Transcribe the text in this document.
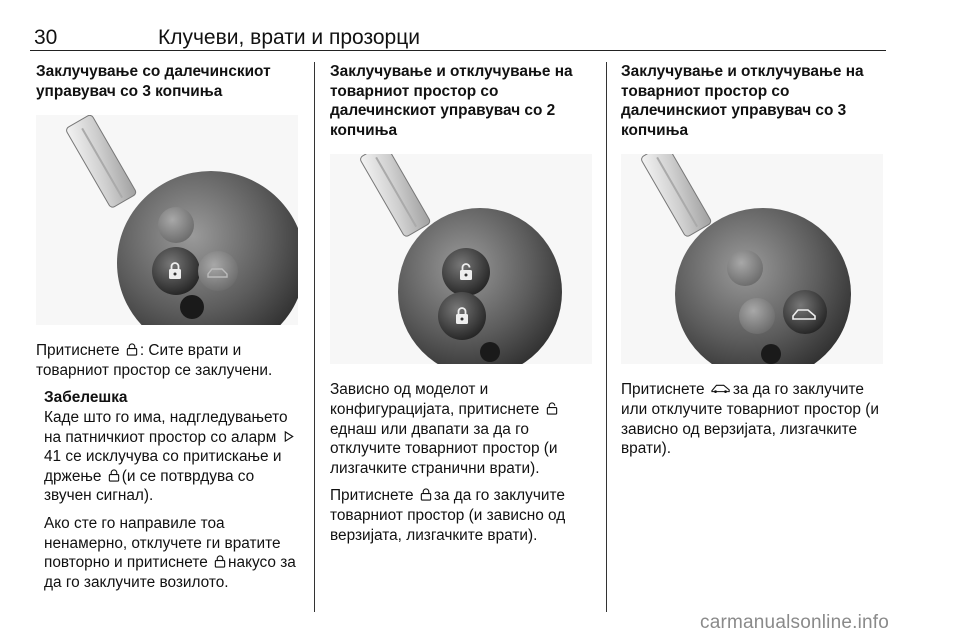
30	Клучеви, врати и прозорци
Заклучување со далечинскиот управувач со 3 копчиња

Притиснете : Сите врати и товарниот простор се заклучени.

Забелешка

Каде што го има, надгледувањето на патничкиот простор со аларм 41 се исклучува со притискање и држење (и се потврдува со звучен сигнал).

Ако сте го направиле тоа ненамерно, отклучете ги вратите повторно и притиснете накусо за да го заклучите возилото.

Заклучување и отклучување на товарниот простор со далечинскиот управувач со 2 копчиња

Зависно од моделот и конфигурацијата, притиснете еднаш или двапати за да го отклучите товарниот простор (и лизгачките странични врати).

Притиснете за да го заклучите товарниот простор (и зависно од верзијата, лизгачките врати).

Заклучување и отклучување на товарниот простор со далечинскиот управувач со 3 копчиња

Притиснете за да го заклучите или отклучите товарниот простор (и зависно од верзијата, лизгачките врати).

carmanualsonline.info
